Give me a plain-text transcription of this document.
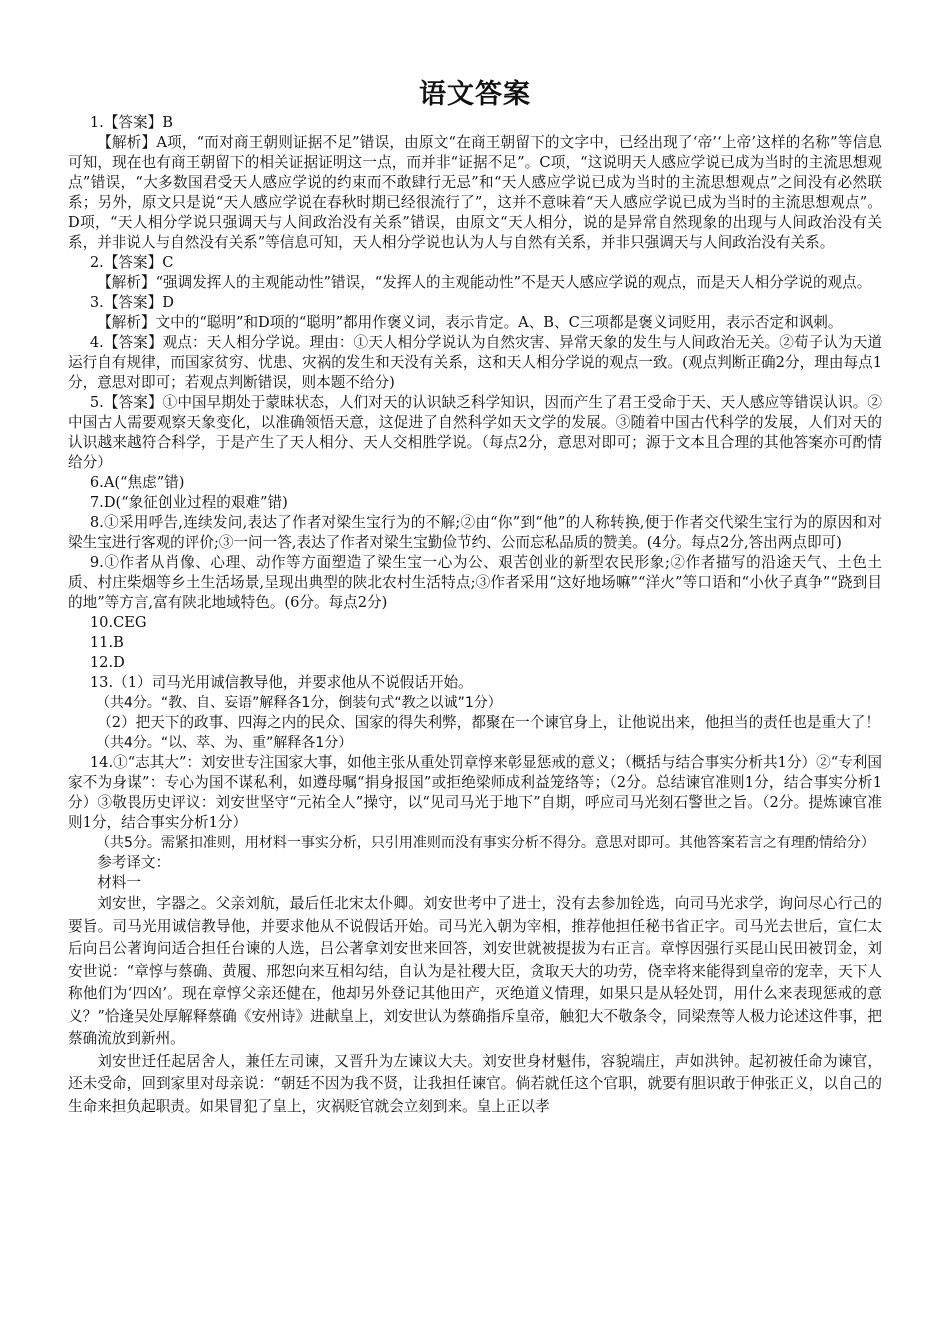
语文答案

1.【答案】B

【解析】A项，“而对商王朝则证据不足”错误，由原文“在商王朝留下的文字中，已经出现了‘帝’‘上帝’这样的名称”等信息可知，现在也有商王朝留下的相关证据证明这一点，而并非“证据不足”。C项，“这说明天人感应学说已成为当时的主流思想观点”错误，“大多数国君受天人感应学说的约束而不敢肆行无忌”和“天人感应学说已成为当时的主流思想观点”之间没有必然联系；另外，原文只是说“天人感应学说在春秋时期已经很流行了”，这并不意味着“天人感应学说已成为当时的主流思想观点”。D项，“天人相分学说只强调天与人间政治没有关系”错误，由原文“天人相分，说的是异常自然现象的出现与人间政治没有关系，并非说人与自然没有关系”等信息可知，天人相分学说也认为人与自然有关系，并非只强调天与人间政治没有关系。

2.【答案】C

【解析】“强调发挥人的主观能动性”错误，“发挥人的主观能动性”不是天人感应学说的观点，而是天人相分学说的观点。

3.【答案】D

【解析】文中的“聪明”和D项的“聪明”都用作褒义词，表示肯定。A、B、C三项都是褒义词贬用，表示否定和讽刺。

4.【答案】观点：天人相分学说。理由：①天人相分学说认为自然灾害、异常天象的发生与人间政治无关。②荀子认为天道运行自有规律，而国家贫穷、忧患、灾祸的发生和天没有关系，这和天人相分学说的观点一致。(观点判断正确2分，理由每点1分，意思对即可；若观点判断错误，则本题不给分)

5.【答案】①中国早期处于蒙昧状态，人们对天的认识缺乏科学知识，因而产生了君王受命于天、天人感应等错误认识。②中国古人需要观察天象变化，以准确领悟天意，这促进了自然科学如天文学的发展。③随着中国古代科学的发展，人们对天的认识越来越符合科学，于是产生了天人相分、天人交相胜学说。（每点2分，意思对即可；源于文本且合理的其他答案亦可酌情给分）

6.A(“焦虑”错)

7.D(“象征创业过程的艰难”错)

8.①采用呼告,连续发问,表达了作者对梁生宝行为的不解;②由“你”到“他”的人称转换,便于作者交代梁生宝行为的原因和对梁生宝进行客观的评价;③一问一答,表达了作者对梁生宝勤俭节约、公而忘私品质的赞美。(4分。每点2分,答出两点即可)

9.①作者从肖像、心理、动作等方面塑造了梁生宝一心为公、艰苦创业的新型农民形象;②作者描写的沿途天气、土色土质、村庄柴烟等乡土生活场景,呈现出典型的陕北农村生活特点;③作者采用“这好地场嘛”“洋火”等口语和“小伙子真争”“跷到目的地”等方言,富有陕北地域特色。(6分。每点2分)

10.CEG

11.B

12.D

13.（1）司马光用诚信教导他，并要求他从不说假话开始。

（共4分。“教、自、妄语”解释各1分，倒装句式“教之以诚”1分）

（2）把天下的政事、四海之内的民众、国家的得失利弊，都聚在一个谏官身上，让他说出来，他担当的责任也是重大了！

（共4分。“以、萃、为、重”解释各1分）

14.①“志其大”：刘安世专注国家大事，如他主张从重处罚章惇来彰显惩戒的意义；（概括与结合事实分析共1分）②“专利国家不为身谋”：专心为国不谋私利，如遵母嘱“捐身报国”或拒绝梁师成利益笼络等；（2分。总结谏官准则1分，结合事实分析1分）③敬畏历史评议：刘安世坚守“元祐全人”操守，以“见司马光于地下”自期，呼应司马光刻石警世之旨。（2分。提炼谏官准则1分，结合事实分析1分）

（共5分。需紧扣准则，用材料一事实分析，只引用准则而没有事实分析不得分。意思对即可。其他答案若言之有理酌情给分）

参考译文：

材料一

刘安世，字器之。父亲刘航，最后任北宋太仆卿。刘安世考中了进士，没有去参加铨选，向司马光求学，询问尽心行己的要旨。司马光用诚信教导他，并要求他从不说假话开始。司马光入朝为宰相，推荐他担任秘书省正字。司马光去世后，宣仁太后向吕公著询问适合担任台谏的人选，吕公著拿刘安世来回答，刘安世就被提拔为右正言。章惇因强行买昆山民田被罚金，刘安世说：“章惇与蔡确、黄履、邢恕向来互相勾结，自认为是社稷大臣，贪取天大的功劳，侥幸将来能得到皇帝的宠幸，天下人称他们为‘四凶’。现在章惇父亲还健在，他却另外登记其他田产，灭绝道义情理，如果只是从轻处罚，用什么来表现惩戒的意义？”恰逢吴处厚解释蔡确《安州诗》进献皇上，刘安世认为蔡确指斥皇帝，触犯大不敬条令，同梁焘等人极力论述这件事，把蔡确流放到新州。

刘安世迁任起居舍人，兼任左司谏，又晋升为左谏议大夫。刘安世身材魁伟，容貌端庄，声如洪钟。起初被任命为谏官，还未受命，回到家里对母亲说：“朝廷不因为我不贤，让我担任谏官。倘若就任这个官职，就要有胆识敢于伸张正义，以自己的生命来担负起职责。如果冒犯了皇上，灾祸贬官就会立刻到来。皇上正以孝
